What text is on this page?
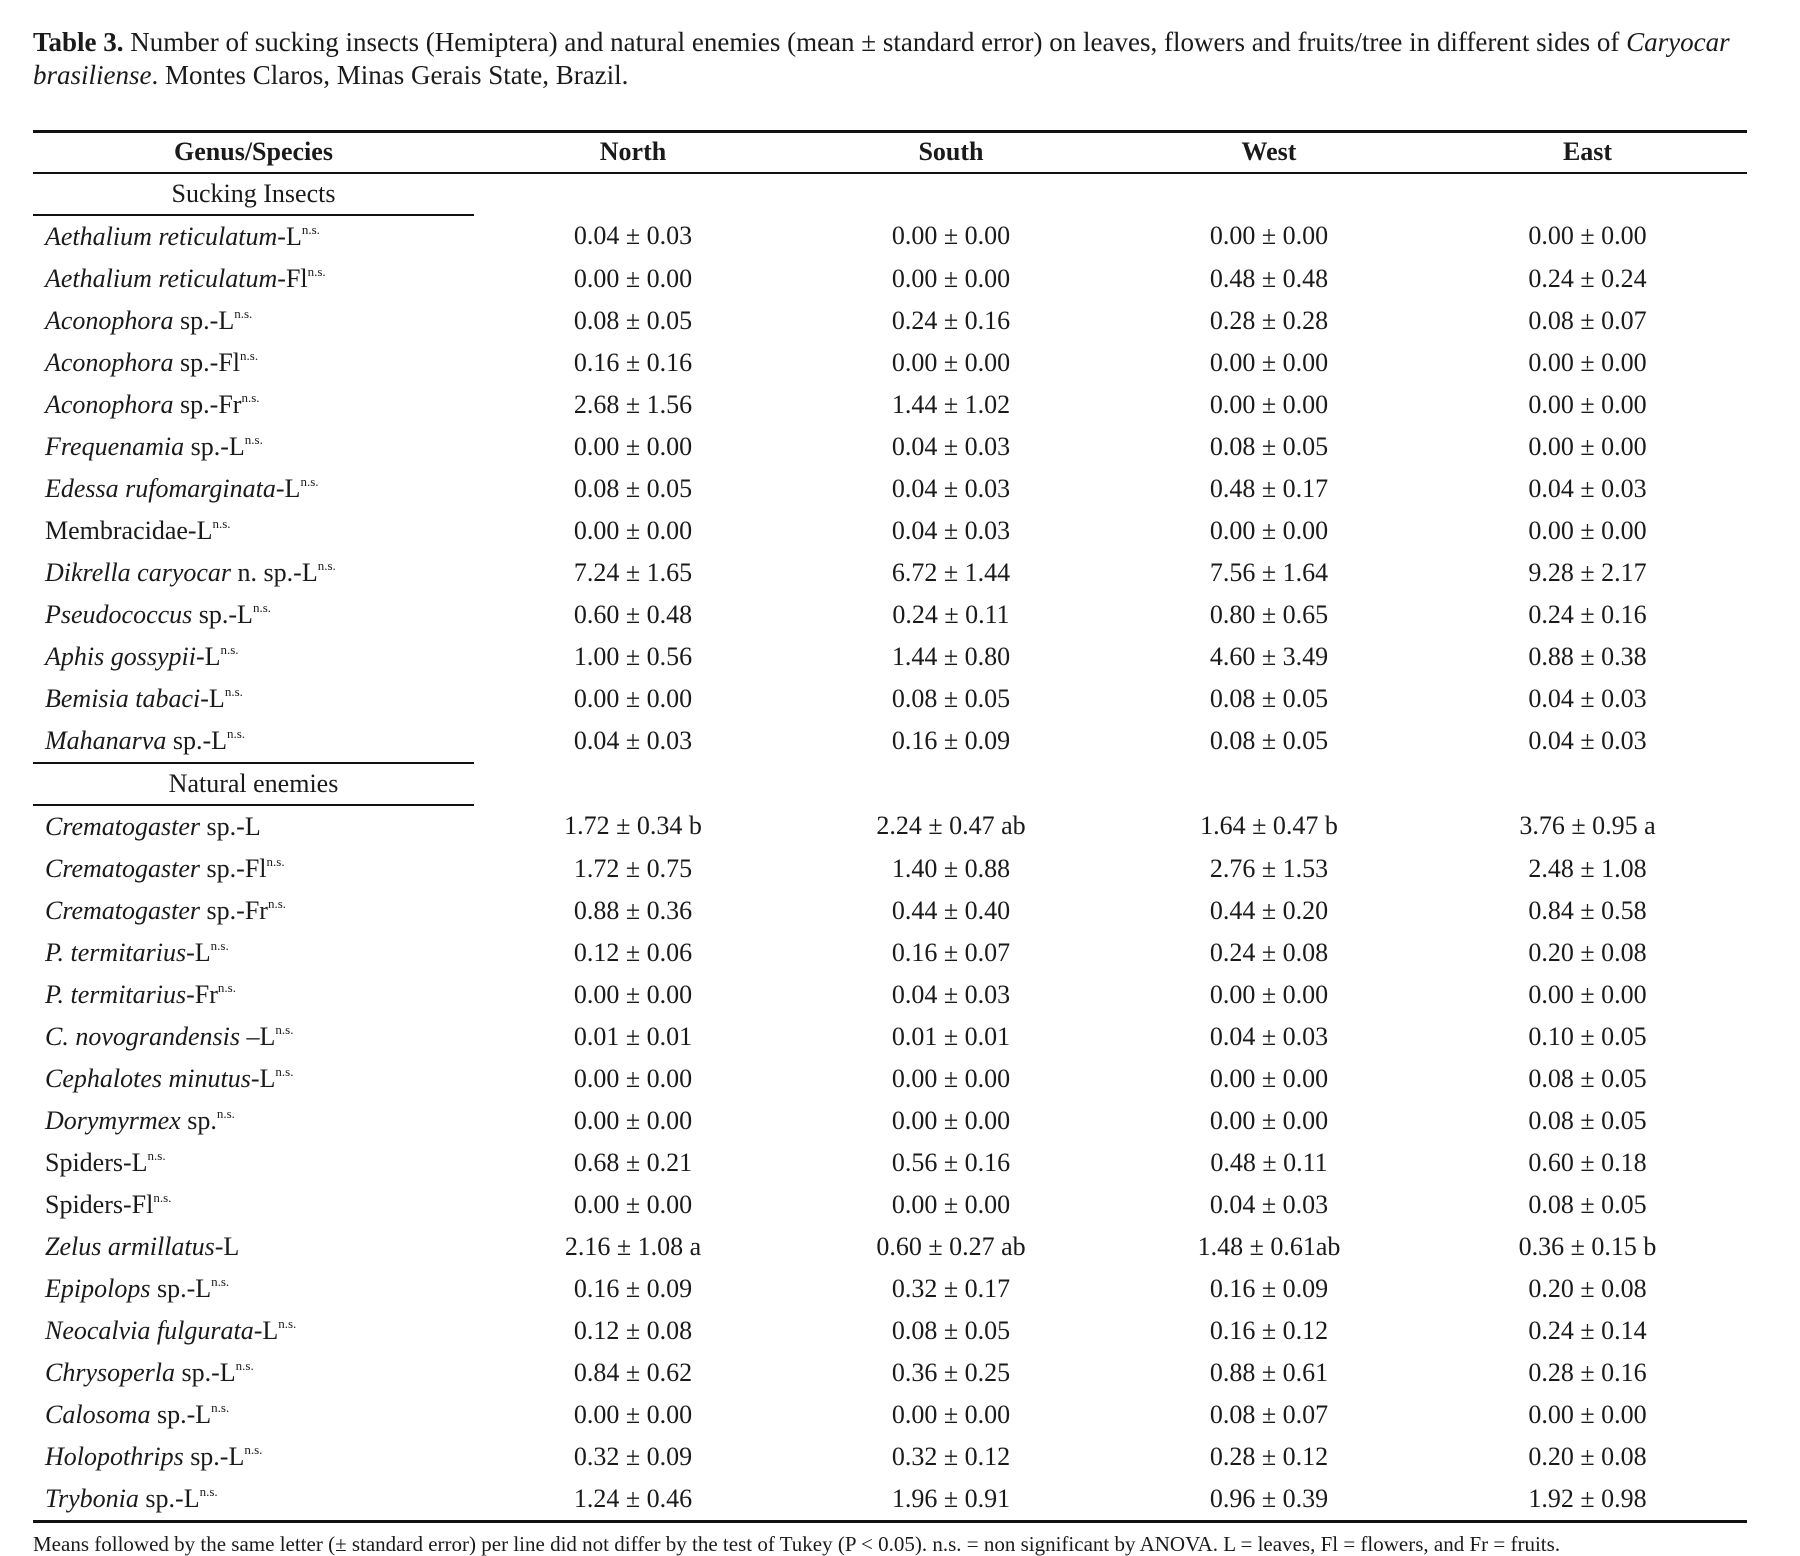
Table 3. Number of sucking insects (Hemiptera) and natural enemies (mean ± standard error) on leaves, flowers and fruits/tree in different sides of Caryocar brasiliense. Montes Claros, Minas Gerais State, Brazil.
Genus/Species	North	South	West	East
Sucking Insects				
Aethalium reticulatum-$L^{n.s.}$	0.04 ± 0.03	0.00 ± 0.00	0.00 ± 0.00	0.00 ± 0.00
Aethalium reticulatum-$Fl^{n.s.}$	0.00 ± 0.00	0.00 ± 0.00	0.48 ± 0.48	0.24 ± 0.24
Aconophora $sp.-L^{n.s.}$	0.08 ± 0.05	0.24 ± 0.16	0.28 ± 0.28	0.08 ± 0.07
Aconophora $sp.-Fl^{n.s.}$	0.16 ± 0.16	0.00 ± 0.00	0.00 ± 0.00	0.00 ± 0.00
Aconophora $sp.-Fr^{n.s.}$	2.68 ± 1.56	1.44 ± 1.02	0.00 ± 0.00	0.00 ± 0.00
Frequenamia $sp.-L^{n.s.}$	0.00 ± 0.00	0.04 ± 0.03	0.08 ± 0.05	0.00 ± 0.00
Edessa rufomarginata-$L^{n.s.}$	0.08 ± 0.05	0.04 ± 0.03	0.48 ± 0.17	0.04 ± 0.03
Membracidae-$L^{n.s.}$	0.00 ± 0.00	0.04 ± 0.03	0.00 ± 0.00	0.00 ± 0.00
Dikrella caryocar n. $sp.-L^{n.s.}$	7.24 ± 1.65	6.72 ± 1.44	7.56 ± 1.64	9.28 ± 2.17
Pseudococcus $sp.-L^{n.s.}$	0.60 ± 0.48	0.24 ± 0.11	0.80 ± 0.65	0.24 ± 0.16
Aphis gossypii-$L^{n.s.}$	1.00 ± 0.56	1.44 ± 0.80	4.60 ± 3.49	0.88 ± 0.38
Bemisia tabaci-$L^{n.s.}$	0.00 ± 0.00	0.08 ± 0.05	0.08 ± 0.05	0.04 ± 0.03
Mahanarva $sp.-L^{n.s.}$	0.04 ± 0.03	0.16 ± 0.09	0.08 ± 0.05	0.04 ± 0.03
Natural enemies				
Crematogaster sp.-L	1.72 ± 0.34 b	2.24 ± 0.47 ab	1.64 ± 0.47 b	3.76 ± 0.95 a
Crematogaster $sp.-Fl^{n.s.}$	1.72 ± 0.75	1.40 ± 0.88	2.76 ± 1.53	2.48 ± 1.08
Crematogaster $sp.-Fr^{n.s.}$	0.88 ± 0.36	0.44 ± 0.40	0.44 ± 0.20	0.84 ± 0.58
P. termitarius-$L^{n.s.}$	0.12 ± 0.06	0.16 ± 0.07	0.24 ± 0.08	0.20 ± 0.08
P. termitarius-$Fr^{n.s.}$	0.00 ± 0.00	0.04 ± 0.03	0.00 ± 0.00	0.00 ± 0.00
C. novograndensis $-L^{n.s.}$	0.01 ± 0.01	0.01 ± 0.01	0.04 ± 0.03	0.10 ± 0.05
Cephalotes minutus-$L^{n.s.}$	0.00 ± 0.00	0.00 ± 0.00	0.00 ± 0.00	0.08 ± 0.05
Dorymyrmex sp.$^{n.s.}$	0.00 ± 0.00	0.00 ± 0.00	0.00 ± 0.00	0.08 ± 0.05
Spiders-$L^{n.s.}$	0.68 ± 0.21	0.56 ± 0.16	0.48 ± 0.11	0.60 ± 0.18
Spiders-$Fl^{n.s.}$	0.00 ± 0.00	0.00 ± 0.00	0.04 ± 0.03	0.08 ± 0.05
Zelus armillatus-L	2.16 ± 1.08 a	0.60 ± 0.27 ab	1.48 ± 0.61ab	0.36 ± 0.15 b
Epipolops $sp.-L^{n.s.}$	0.16 ± 0.09	0.32 ± 0.17	0.16 ± 0.09	0.20 ± 0.08
Neocalvia fulgurata-$L^{n.s.}$	0.12 ± 0.08	0.08 ± 0.05	0.16 ± 0.12	0.24 ± 0.14
Chrysoperla $sp.-L^{n.s.}$	0.84 ± 0.62	0.36 ± 0.25	0.88 ± 0.61	0.28 ± 0.16
Calosoma $sp.-L^{n.s.}$	0.00 ± 0.00	0.00 ± 0.00	0.08 ± 0.07	0.00 ± 0.00
Holopothrips $sp.-L^{n.s.}$	0.32 ± 0.09	0.32 ± 0.12	0.28 ± 0.12	0.20 ± 0.08
Trybonia $sp.-L^{n.s.}$	1.24 ± 0.46	1.96 ± 0.91	0.96 ± 0.39	1.92 ± 0.98
Means followed by the same letter (± standard error) per line did not differ by the test of Tukey (P < 0.05). n.s. = non significant by ANOVA. L = leaves, Fl = flowers, and Fr = fruits.
